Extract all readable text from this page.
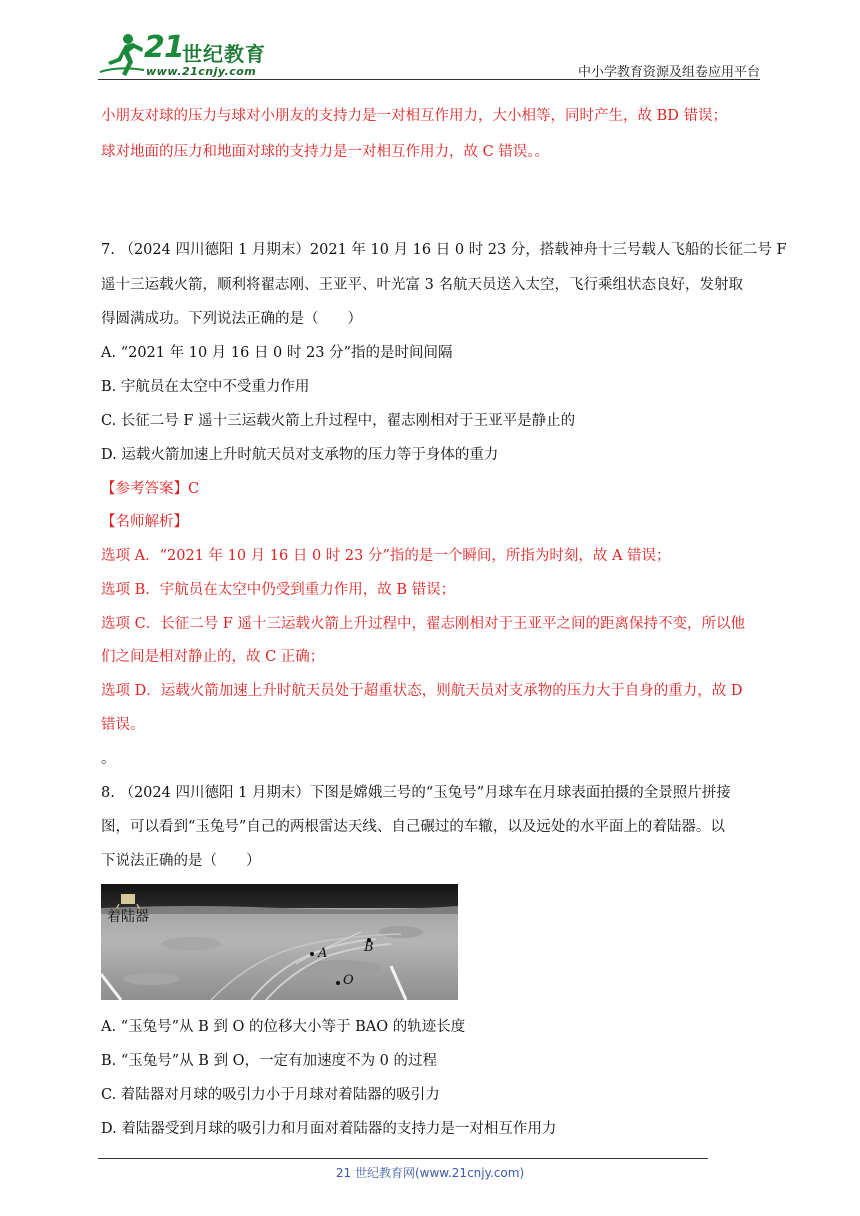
21
世纪教育
www.21cnjy.com	中小学教育资源及组卷应用平台
小朋友对球的压力与球对小朋友的支持力是一对相互作用力，大小相等，同时产生，故 BD 错误；
球对地面的压力和地面对球的支持力是一对相互作用力，故 C 错误。。
7. （2024 四川德阳 1 月期末）2021 年 10 月 16 日 0 时 23 分，搭载神舟十三号载人飞船的长征二号 F
遥十三运载火箭，顺利将翟志刚、王亚平、叶光富 3 名航天员送入太空，飞行乘组状态良好，发射取
得圆满成功。下列说法正确的是（　　）
A. “2021 年 10 月 16 日 0 时 23 分”指的是时间间隔
B. 宇航员在太空中不受重力作用
C. 长征二号 F 遥十三运载火箭上升过程中，翟志刚相对于王亚平是静止的
D. 运载火箭加速上升时航天员对支承物的压力等于身体的重力
【参考答案】C
【名师解析】
选项 A．“2021 年 10 月 16 日 0 时 23 分”指的是一个瞬间，所指为时刻，故 A 错误；
选项 B．宇航员在太空中仍受到重力作用，故 B 错误；
选项 C．长征二号 F 遥十三运载火箭上升过程中，翟志刚相对于王亚平之间的距离保持不变，所以他
们之间是相对静止的，故 C 正确；
选项 D．运载火箭加速上升时航天员处于超重状态，则航天员对支承物的压力大于自身的重力，故 D
错误。
。
8. （2024 四川德阳 1 月期末）下图是嫦娥三号的“玉兔号”月球车在月球表面拍摄的全景照片拼接
图，可以看到“玉兔号”自己的两根雷达天线、自己碾过的车辙，以及远处的水平面上的着陆器。以
下说法正确的是（　　）
A. “玉兔号”从 B 到 O 的位移大小等于 BAO 的轨迹长度
B. “玉兔号”从 B 到 O，一定有加速度不为 0 的过程
C. 着陆器对月球的吸引力小于月球对着陆器的吸引力
D. 着陆器受到月球的吸引力和月面对着陆器的支持力是一对相互作用力
着陆器
A	B
O
21 世纪教育网(www.21cnjy.com)
